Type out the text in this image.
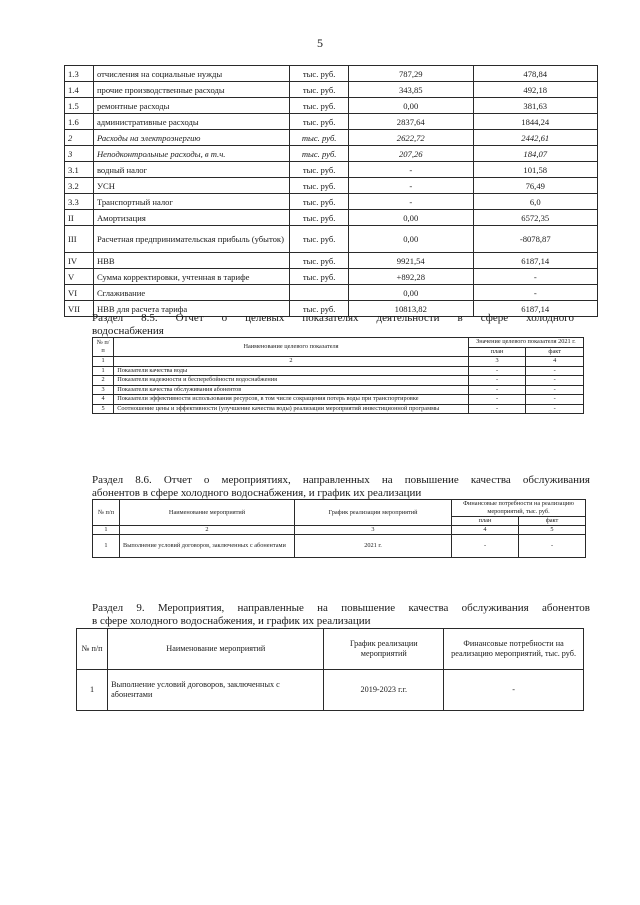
5
1.3	отчисления на социальные нужды	тыс. руб.	787,29	478,84
1.4	прочие производственные расходы	тыс. руб.	343,85	492,18
1.5	ремонтные расходы	тыс. руб.	0,00	381,63
1.6	административные расходы	тыс. руб.	2837,64	1844,24
2	Расходы на электроэнергию	тыс. руб.	2622,72	2442,61
3	Неподконтрольные расходы, в т.ч.	тыс. руб.	207,26	184,07
3.1	водный налог	тыс. руб.	-	101,58
3.2	УСН	тыс. руб.	-	76,49
3.3	Транспортный налог	тыс. руб.	-	6,0
II	Амортизация	тыс. руб.	0,00	6572,35
III	Расчетная предпринимательская прибыль (убыток)	тыс. руб.	0,00	-8078,87
IV	НВВ	тыс. руб.	9921,54	6187,14
V	Сумма корректировки, учтенная в тарифе	тыс. руб.	+892,28	-
VI	Сглаживание		0,00	-
VII	НВВ для расчета тарифа	тыс. руб.	10813,82	6187,14
Раздел 8.5. Отчет о целевых показателях деятельности в сфере холодного
водоснабжения
№ п/п	Наименование целевого показателя	Значение целевого показателя 2021 г.	
		план	факт
1	2	3	4
1	Показатели качества воды	-	-
2	Показатели надежности и бесперебойности водоснабжения	-	-
3	Показатели качества обслуживания абонентов	-	-
4	Показатели эффективности использования ресурсов, в том числе сокращения потерь воды при транспортировке	-	-
5	Соотношение цены и эффективности (улучшение качества воды) реализации мероприятий инвестиционной программы	-	-
Раздел 8.6. Отчет о мероприятиях, направленных на повышение качества обслуживания
абонентов в сфере холодного водоснабжения, и график их реализации
№ п/п	Наименование мероприятий	График реализации мероприятий	Финансовые потребности на реализацию мероприятий, тыс. руб.	
			план	факт
1	2	3	4	5
1	Выполнение условий договоров, заключенных с абонентами	2021 г.	-	-
Раздел 9. Мероприятия, направленные на повышение качества обслуживания абонентов
в сфере холодного водоснабжения, и график их реализации
№ п/п	Наименование мероприятий	График реализации мероприятий	Финансовые потребности на реализацию мероприятий, тыс. руб.
1	Выполнение условий договоров, заключенных с абонентами	2019-2023 г.г.	-
